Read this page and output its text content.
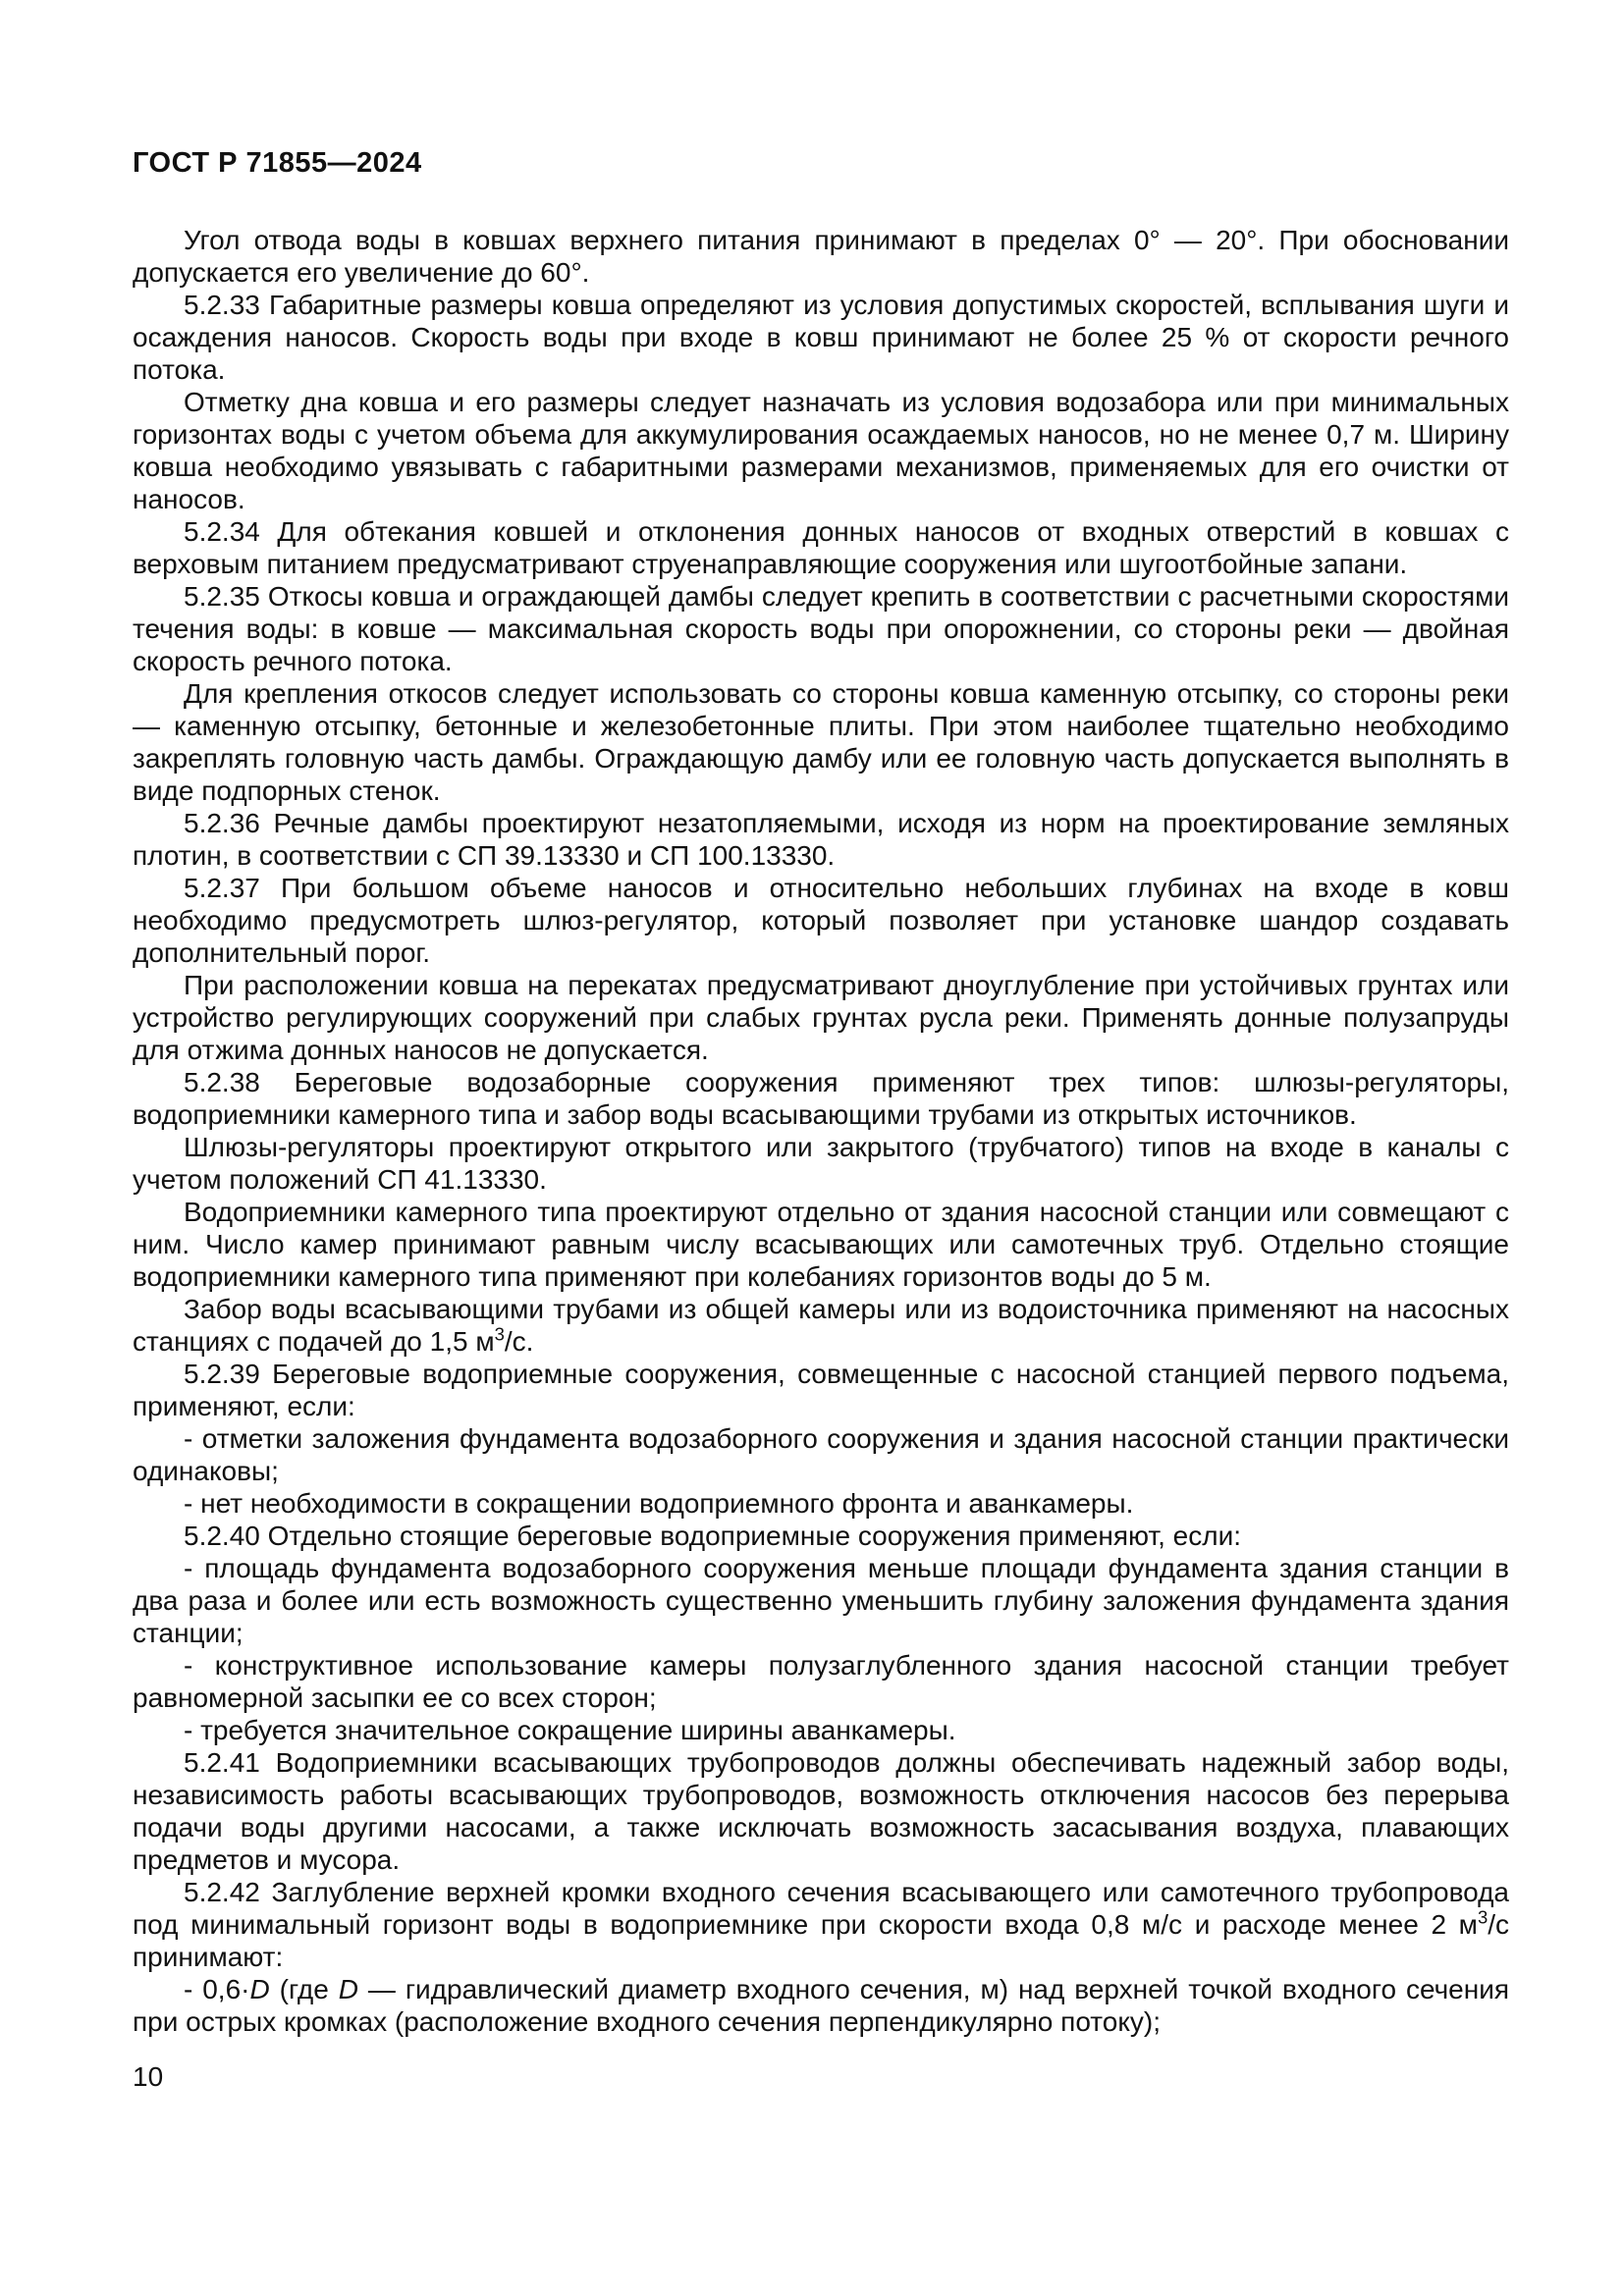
ГОСТ Р 71855—2024

Угол отвода воды в ковшах верхнего питания принимают в пределах 0° — 20°. При обосновании допускается его увеличение до 60°.

5.2.33 Габаритные размеры ковша определяют из условия допустимых скоростей, всплывания шуги и осаждения наносов. Скорость воды при входе в ковш принимают не более 25 % от скорости речного потока.

Отметку дна ковша и его размеры следует назначать из условия водозабора или при минимальных горизонтах воды с учетом объема для аккумулирования осаждаемых наносов, но не менее 0,7 м. Ширину ковша необходимо увязывать с габаритными размерами механизмов, применяемых для его очистки от наносов.

5.2.34 Для обтекания ковшей и отклонения донных наносов от входных отверстий в ковшах с верховым питанием предусматривают струенаправляющие сооружения или шугоотбойные запани.

5.2.35 Откосы ковша и ограждающей дамбы следует крепить в соответствии с расчетными скоростями течения воды: в ковше — максимальная скорость воды при опорожнении, со стороны реки — двойная скорость речного потока.

Для крепления откосов следует использовать со стороны ковша каменную отсыпку, со стороны реки — каменную отсыпку, бетонные и железобетонные плиты. При этом наиболее тщательно необходимо закреплять головную часть дамбы. Ограждающую дамбу или ее головную часть допускается выполнять в виде подпорных стенок.

5.2.36 Речные дамбы проектируют незатопляемыми, исходя из норм на проектирование земляных плотин, в соответствии с СП 39.13330 и СП 100.13330.

5.2.37 При большом объеме наносов и относительно небольших глубинах на входе в ковш необходимо предусмотреть шлюз-регулятор, который позволяет при установке шандор создавать дополнительный порог.

При расположении ковша на перекатах предусматривают дноуглубление при устойчивых грунтах или устройство регулирующих сооружений при слабых грунтах русла реки. Применять донные полузапруды для отжима донных наносов не допускается.

5.2.38 Береговые водозаборные сооружения применяют трех типов: шлюзы-регуляторы, водоприемники камерного типа и забор воды всасывающими трубами из открытых источников.

Шлюзы-регуляторы проектируют открытого или закрытого (трубчатого) типов на входе в каналы с учетом положений СП 41.13330.

Водоприемники камерного типа проектируют отдельно от здания насосной станции или совмещают с ним. Число камер принимают равным числу всасывающих или самотечных труб. Отдельно стоящие водоприемники камерного типа применяют при колебаниях горизонтов воды до 5 м.

Забор воды всасывающими трубами из общей камеры или из водоисточника применяют на насосных станциях с подачей до 1,5 $м^3/с$.

5.2.39 Береговые водоприемные сооружения, совмещенные с насосной станцией первого подъема, применяют, если:

- отметки заложения фундамента водозаборного сооружения и здания насосной станции практически одинаковы;

- нет необходимости в сокращении водоприемного фронта и аванкамеры.

5.2.40 Отдельно стоящие береговые водоприемные сооружения применяют, если:

- площадь фундамента водозаборного сооружения меньше площади фундамента здания станции в два раза и более или есть возможность существенно уменьшить глубину заложения фундамента здания станции;

- конструктивное использование камеры полузаглубленного здания насосной станции требует равномерной засыпки ее со всех сторон;

- требуется значительное сокращение ширины аванкамеры.

5.2.41 Водоприемники всасывающих трубопроводов должны обеспечивать надежный забор воды, независимость работы всасывающих трубопроводов, возможность отключения насосов без перерыва подачи воды другими насосами, а также исключать возможность засасывания воздуха, плавающих предметов и мусора.

5.2.42 Заглубление верхней кромки входного сечения всасывающего или самотечного трубопровода под минимальный горизонт воды в водоприемнике при скорости входа 0,8 м/с и расходе менее 2 $м^3/с$ принимают:

- 0,6·D (где D — гидравлический диаметр входного сечения, м) над верхней точкой входного сечения при острых кромках (расположение входного сечения перпендикулярно потоку);

10
